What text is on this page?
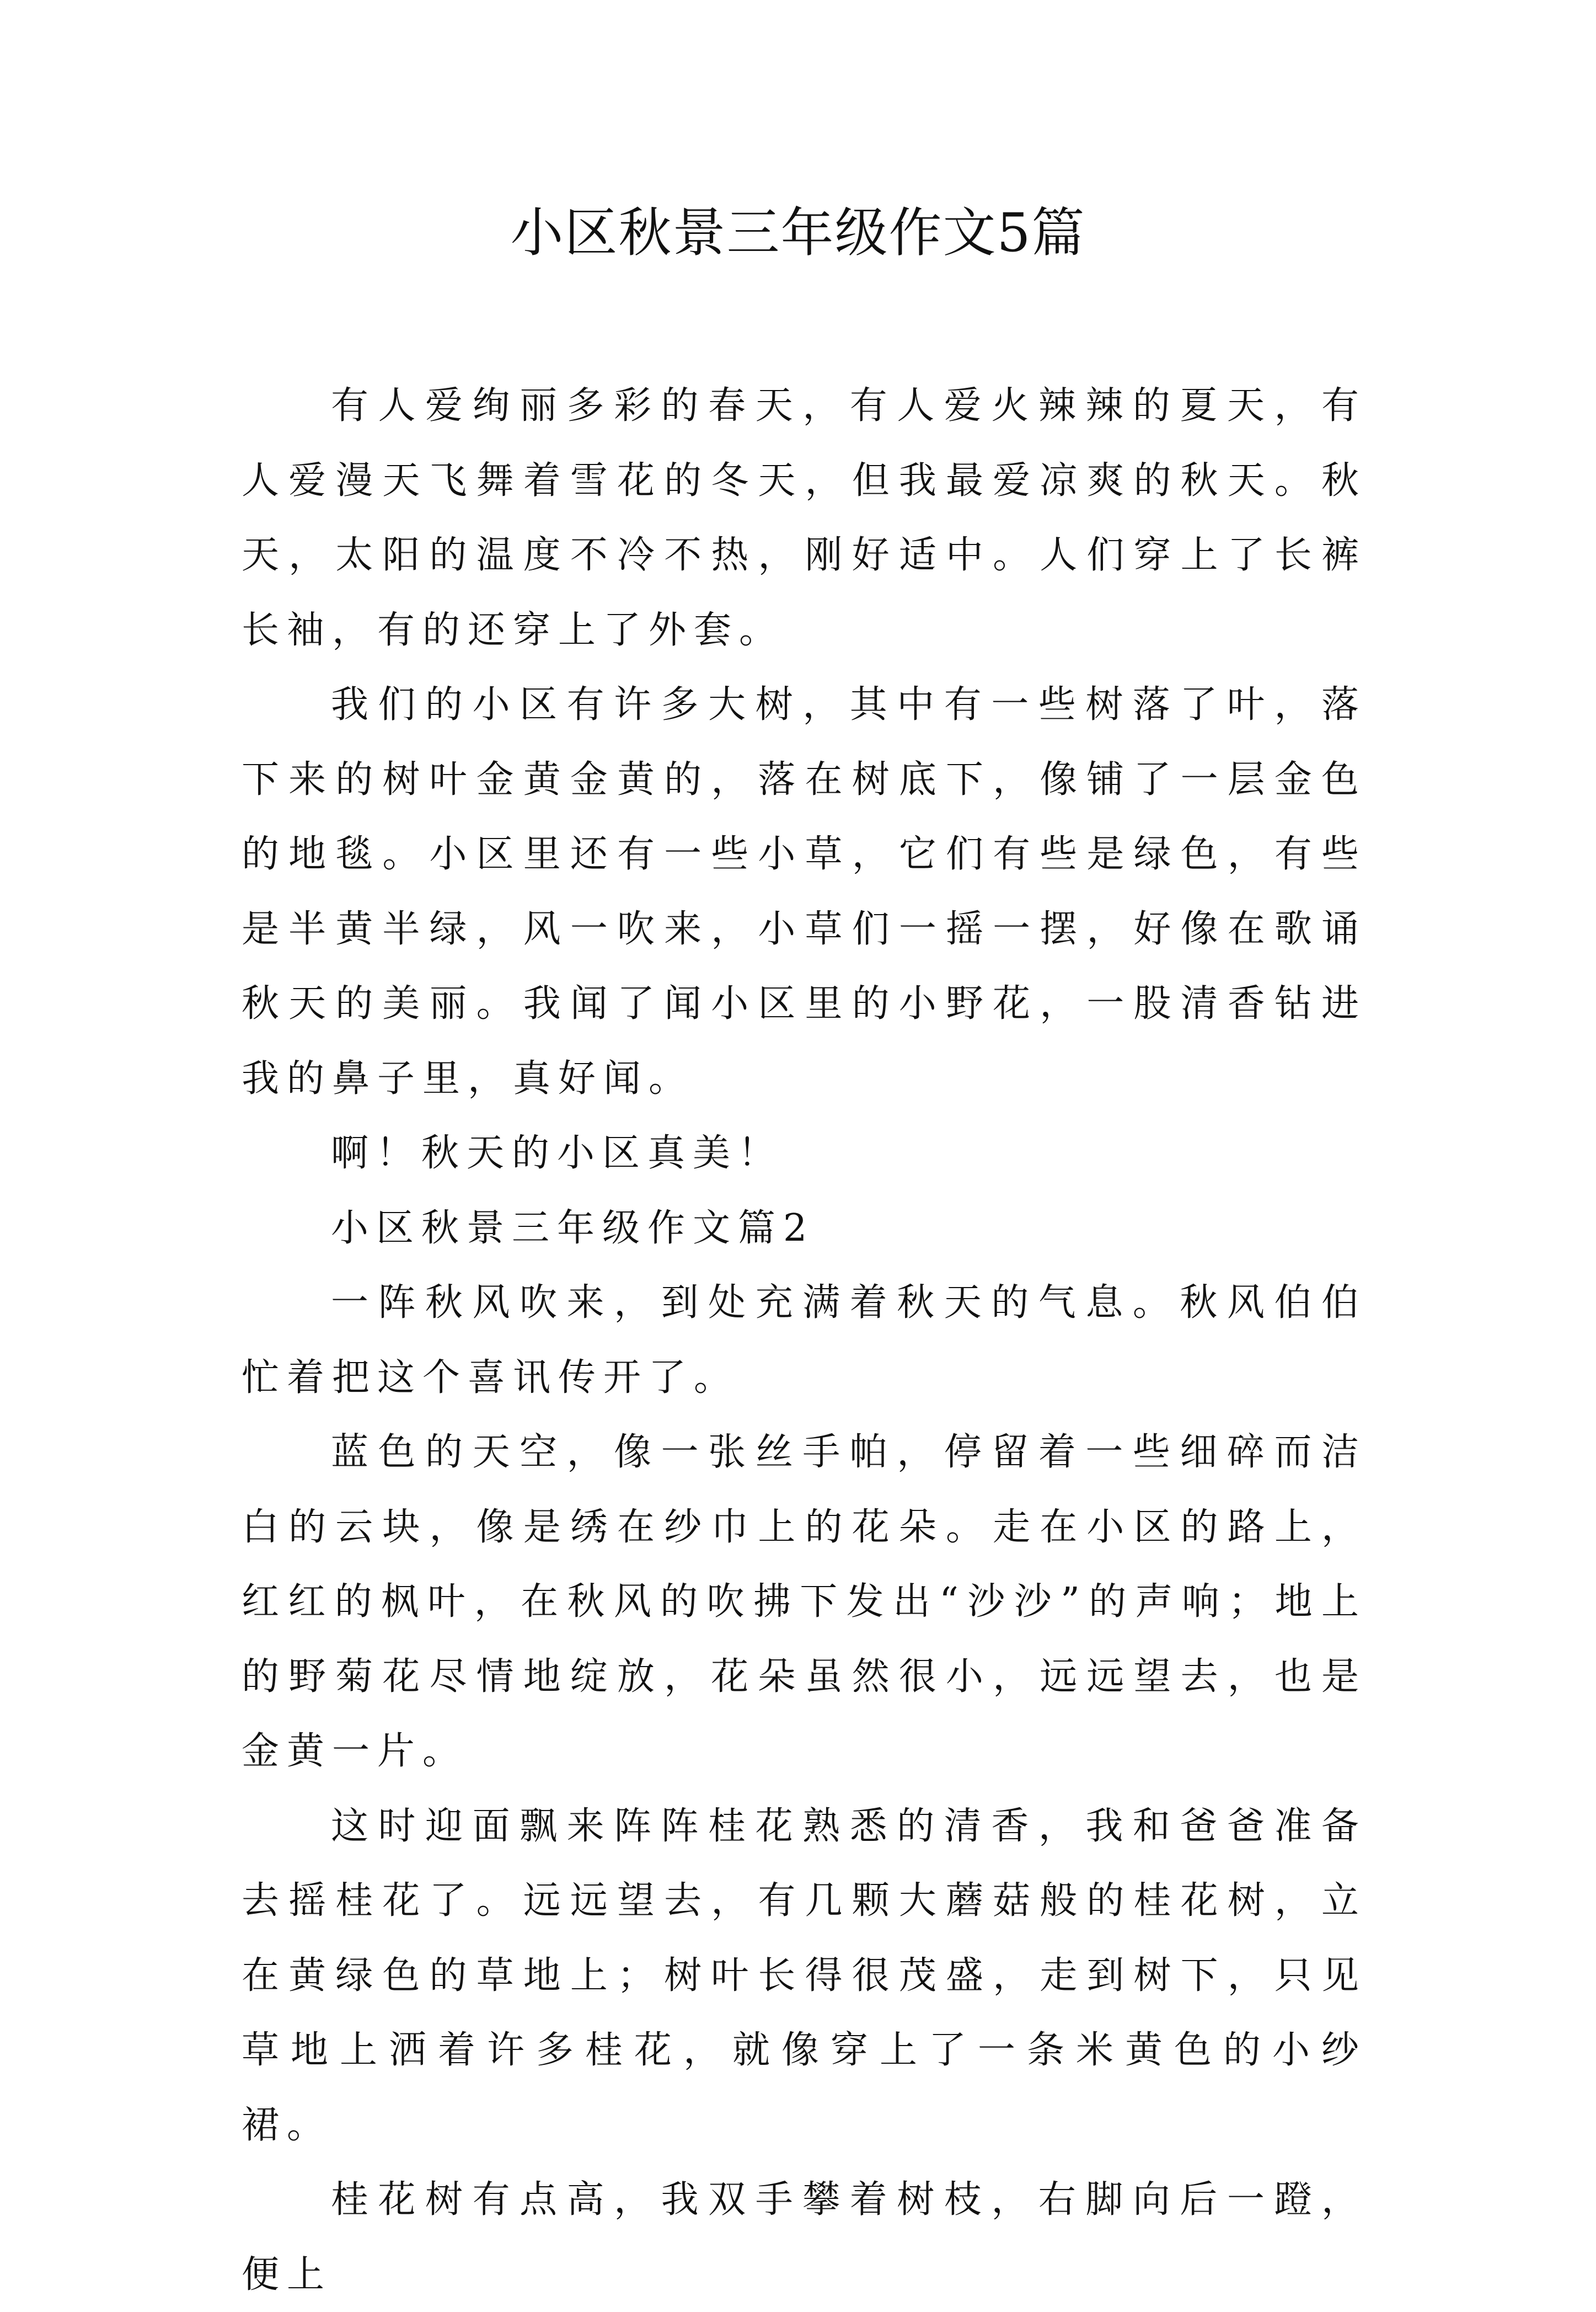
小区秋景三年级作文5篇

有人爱绚丽多彩的春天，有人爱火辣辣的夏天，有人爱漫天飞舞着雪花的冬天，但我最爱凉爽的秋天。秋天，太阳的温度不冷不热，刚好适中。人们穿上了长裤长袖，有的还穿上了外套。

我们的小区有许多大树，其中有一些树落了叶，落下来的树叶金黄金黄的，落在树底下，像铺了一层金色的地毯。小区里还有一些小草，它们有些是绿色，有些是半黄半绿，风一吹来，小草们一摇一摆，好像在歌诵秋天的美丽。我闻了闻小区里的小野花，一股清香钻进我的鼻子里，真好闻。

啊！秋天的小区真美！

小区秋景三年级作文篇2

一阵秋风吹来，到处充满着秋天的气息。秋风伯伯忙着把这个喜讯传开了。

蓝色的天空，像一张丝手帕，停留着一些细碎而洁白的云块，像是绣在纱巾上的花朵。走在小区的路上，红红的枫叶，在秋风的吹拂下发出“沙沙”的声响；地上的野菊花尽情地绽放，花朵虽然很小，远远望去，也是金黄一片。

这时迎面飘来阵阵桂花熟悉的清香，我和爸爸准备去摇桂花了。远远望去，有几颗大蘑菇般的桂花树，立在黄绿色的草地上；树叶长得很茂盛，走到树下，只见草地上洒着许多桂花，就像穿上了一条米黄色的小纱裙。

桂花树有点高，我双手攀着树枝，右脚向后一蹬，便上
